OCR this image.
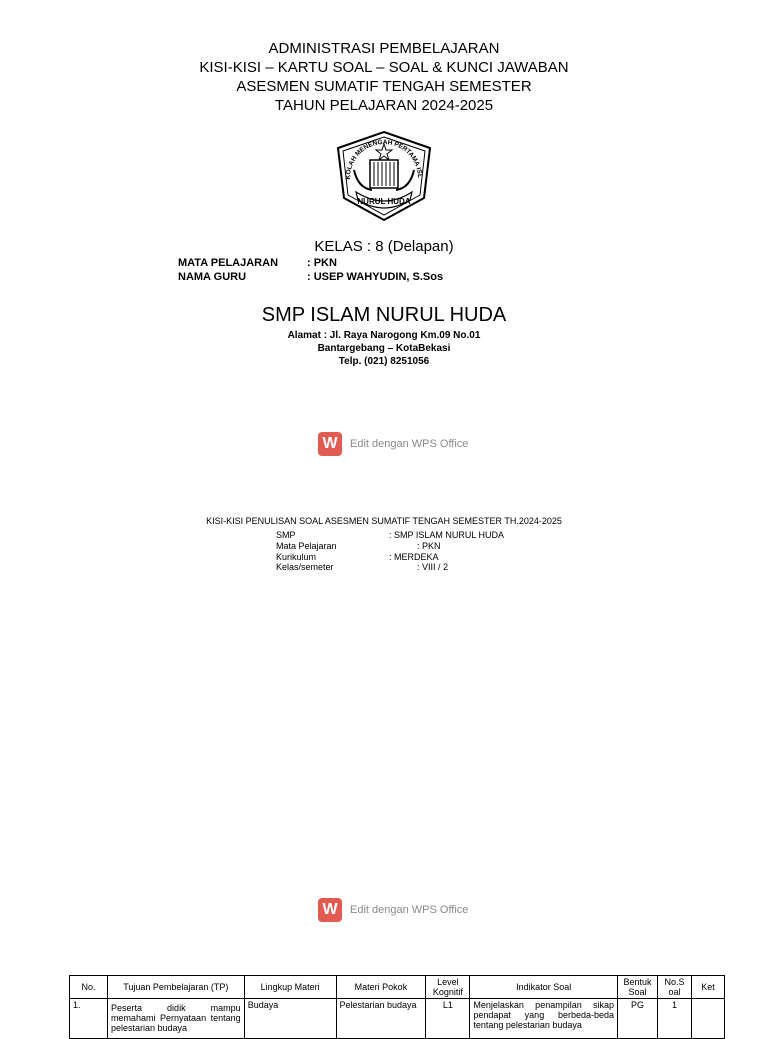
ADMINISTRASI PEMBELAJARAN
KISI-KISI – KARTU SOAL – SOAL & KUNCI JAWABAN
ASESMEN SUMATIF TENGAH SEMESTER
TAHUN PELAJARAN 2024-2025
KOLAH MENENGAH PERTAMA ISL
NURUL HUDA
KELAS : 8 (Delapan)
MATA PELAJARAN	: PKN
NAMA GURU	: USEP WAHYUDIN, S.Sos
SMP ISLAM NURUL HUDA
Alamat : Jl. Raya Narogong Km.09 No.01
Bantargebang – KotaBekasi
Telp. (021) 8251056
W	Edit dengan WPS Office
KISI-KISI PENULISAN SOAL ASESMEN SUMATIF TENGAH SEMESTER TH.2024-2025
SMP	: SMP ISLAM NURUL HUDA
Mata Pelajaran	: PKN
Kurikulum	: MERDEKA
Kelas/semeter	: VIII / 2
W	Edit dengan WPS Office
No.	Tujuan Pembelajaran (TP)	Lingkup Materi	Materi Pokok	Level Kognitif	Indikator Soal	Bentuk Soal	No.S oal	Ket
1.	Peserta didik mampu memahami Pernyataan tentang pelestarian budaya	Budaya	Pelestarian budaya	L1	Menjelaskan penampilan sikap pendapat yang berbeda-beda tentang pelestarian budaya	PG	1	
